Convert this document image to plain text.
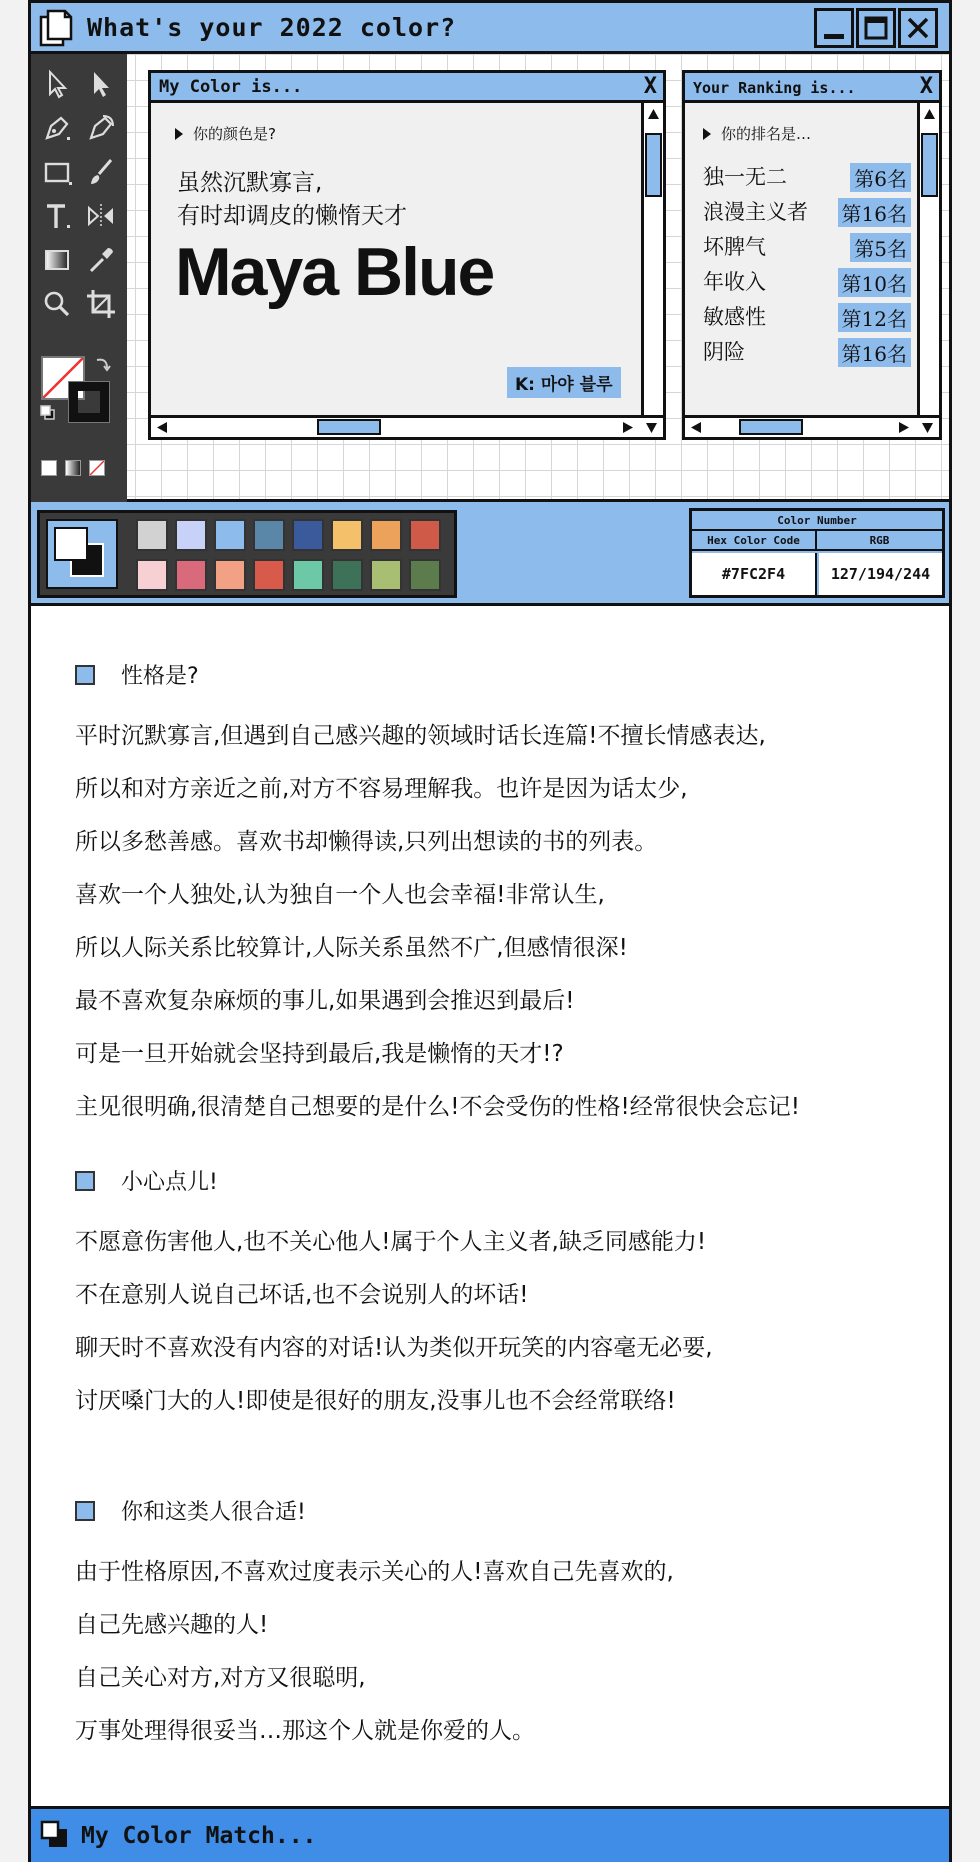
What's your 2022 color?
My Color is...	X
你的颜色是?
虽然沉默寡言,
有时却调皮的懒惰天才
Maya Blue
K: 마야 블루
Your Ranking is...	X
你的排名是…
独一无二	第6名
浪漫主义者 第16名
坏脾气	第5名
年收入	第10名
敏感性	第12名
阴险	第16名
Color Number
Hex Color Code	RGB
#7FC2F4	127/194/244
性格是?
平时沉默寡言,但遇到自己感兴趣的领域时话长连篇!不擅长情感表达,
所以和对方亲近之前,对方不容易理解我。也许是因为话太少,
所以多愁善感。喜欢书却懒得读,只列出想读的书的列表。
喜欢一个人独处,认为独自一个人也会幸福!非常认生,
所以人际关系比较算计,人际关系虽然不广,但感情很深!
最不喜欢复杂麻烦的事儿,如果遇到会推迟到最后!
可是一旦开始就会坚持到最后,我是懒惰的天才!?
主见很明确,很清楚自己想要的是什么!不会受伤的性格!经常很快会忘记!
小心点儿!
不愿意伤害他人,也不关心他人!属于个人主义者,缺乏同感能力!
不在意别人说自己坏话,也不会说别人的坏话!
聊天时不喜欢没有内容的对话!认为类似开玩笑的内容毫无必要,
讨厌嗓门大的人!即使是很好的朋友,没事儿也不会经常联络!
你和这类人很合适!
由于性格原因,不喜欢过度表示关心的人!喜欢自己先喜欢的,
自己先感兴趣的人!
自己关心对方,对方又很聪明,
万事处理得很妥当…那这个人就是你爱的人。
My Color Match...
